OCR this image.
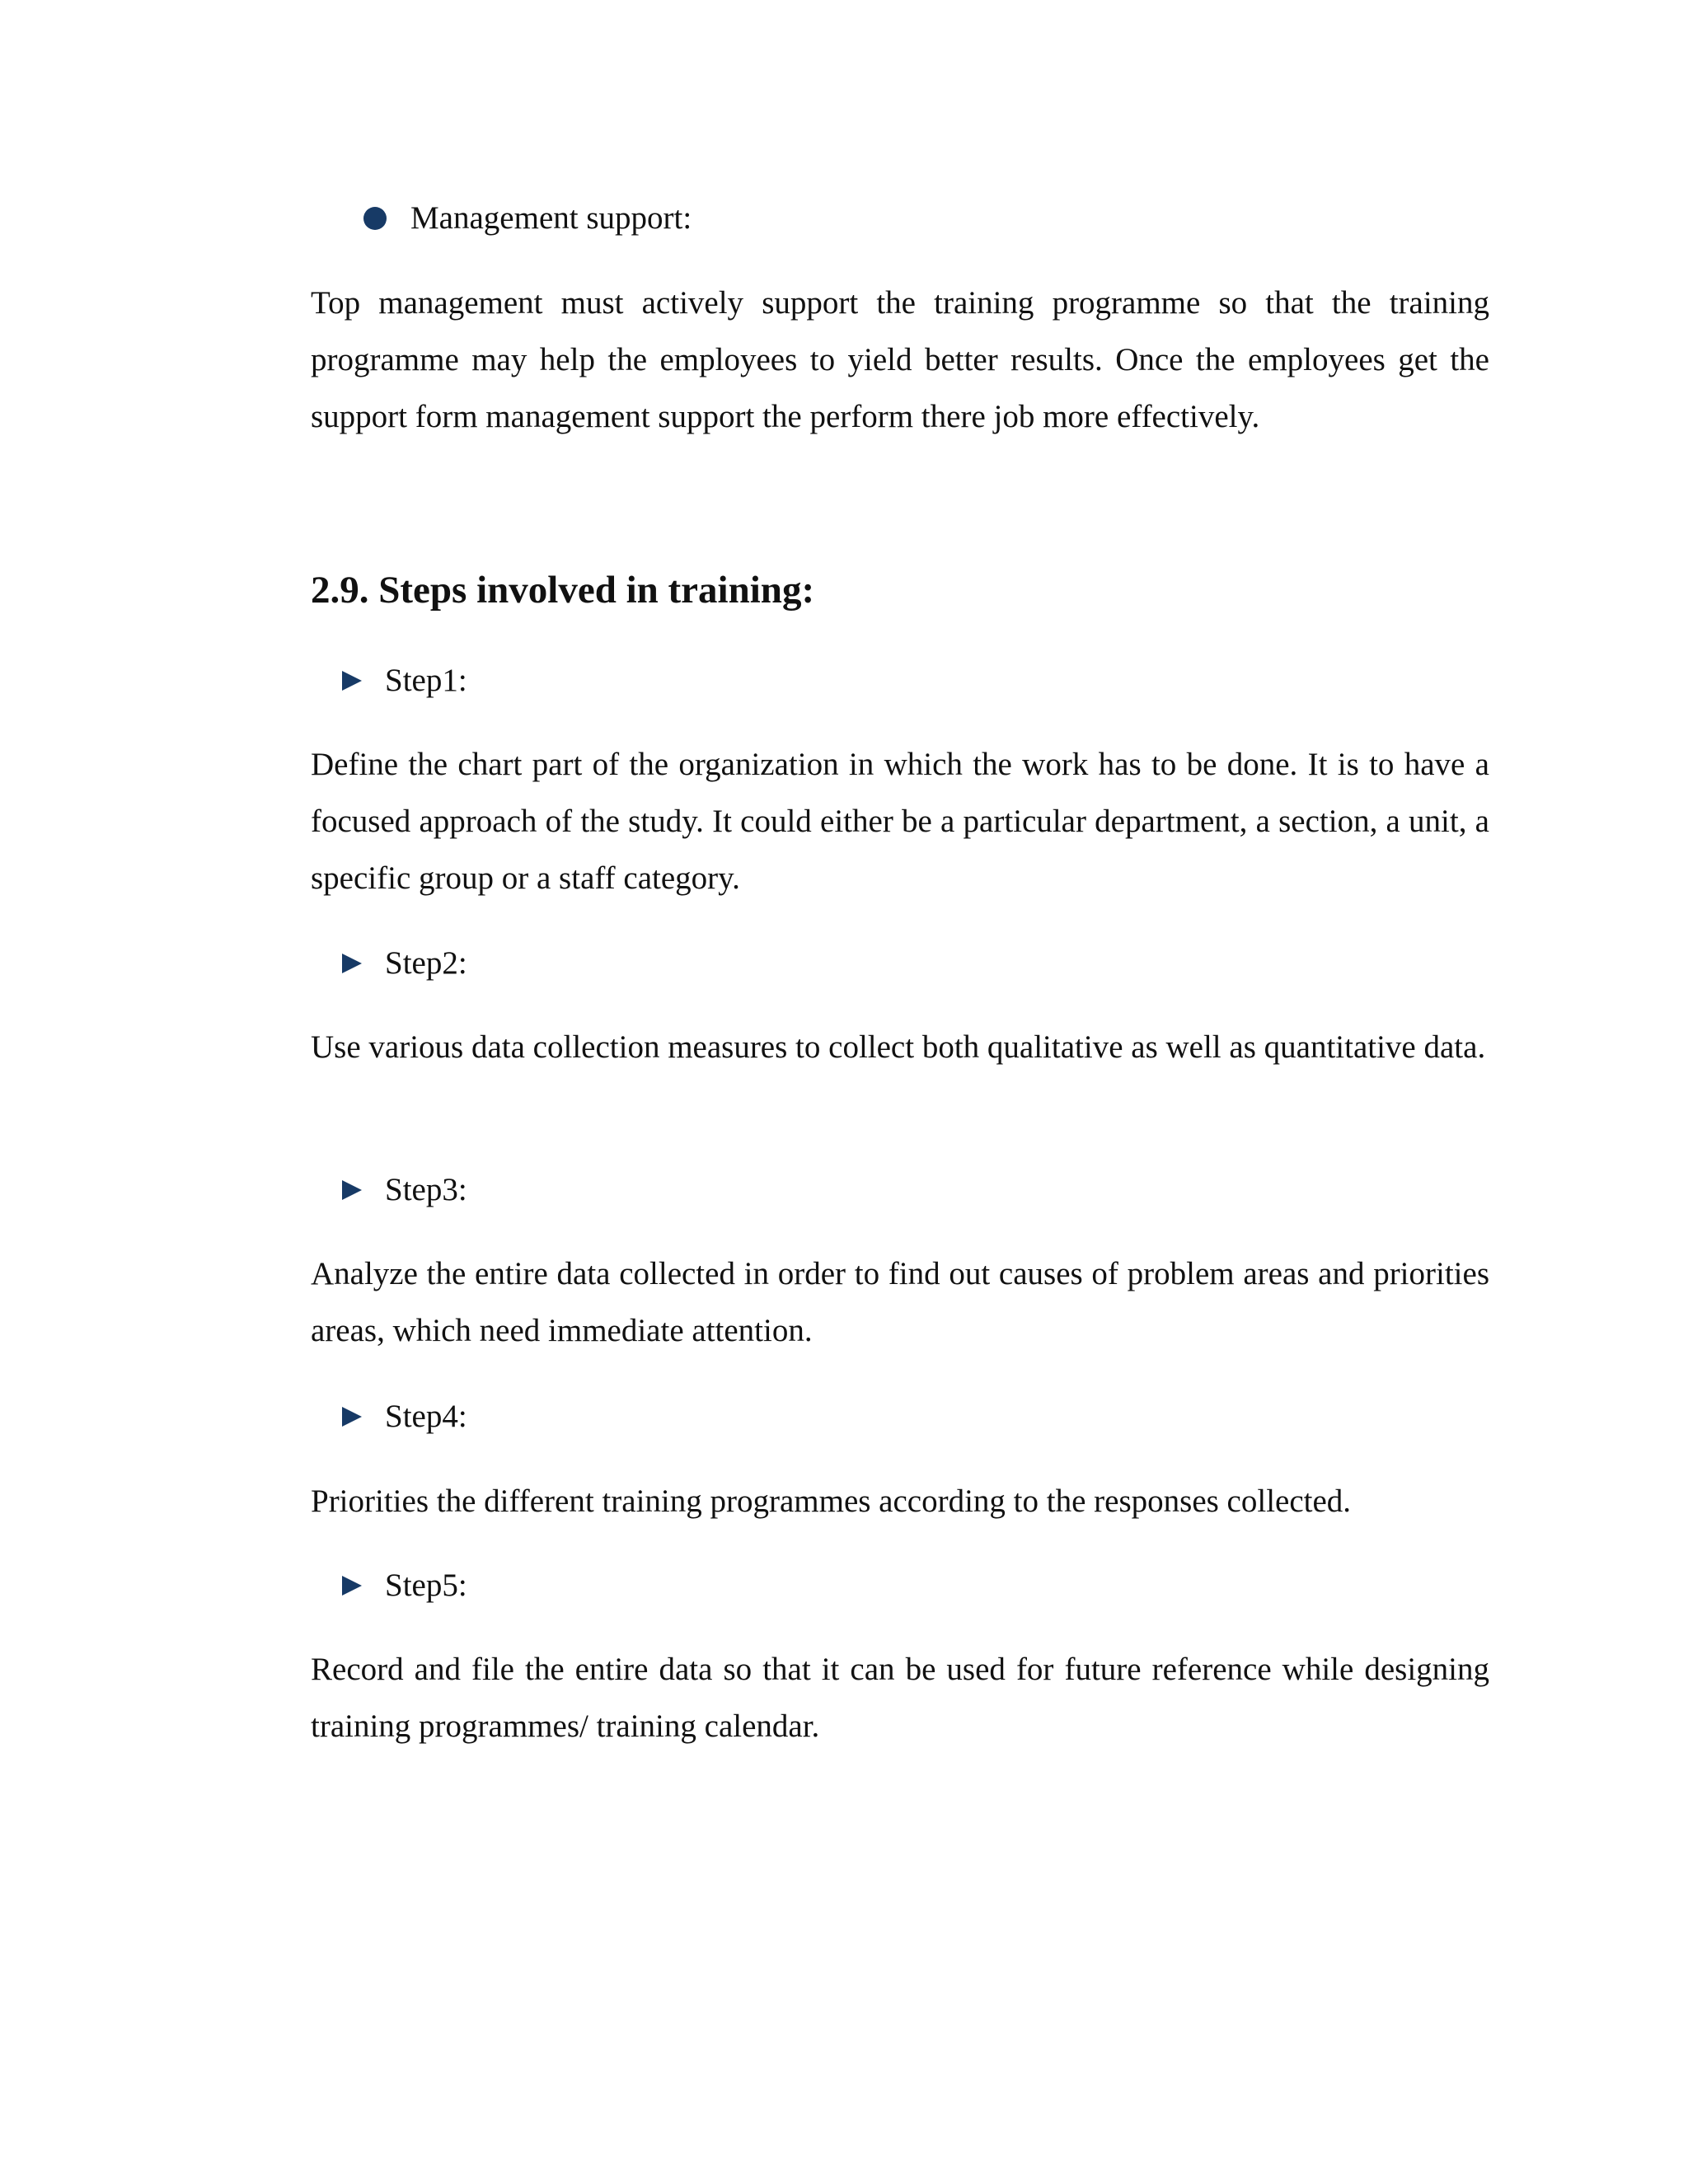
Management support:

Top management must actively support the training programme so that the training programme may help the employees to yield better results. Once the employees get the support form management support the perform there job more effectively.

2.9. Steps involved in training:
Step1:

Define the chart part of the organization in which the work has to be done. It is to have a focused approach of the study. It could either be a particular department, a section, a unit, a specific group or a staff category.

Step2:

Use various data collection measures to collect both qualitative as well as quantitative data.

Step3:

Analyze the entire data collected in order to find out causes of problem areas and priorities areas, which need immediate attention.

Step4:

Priorities the different training programmes according to the responses collected.

Step5:

Record and file the entire data so that it can be used for future reference while designing training programmes/ training calendar.
